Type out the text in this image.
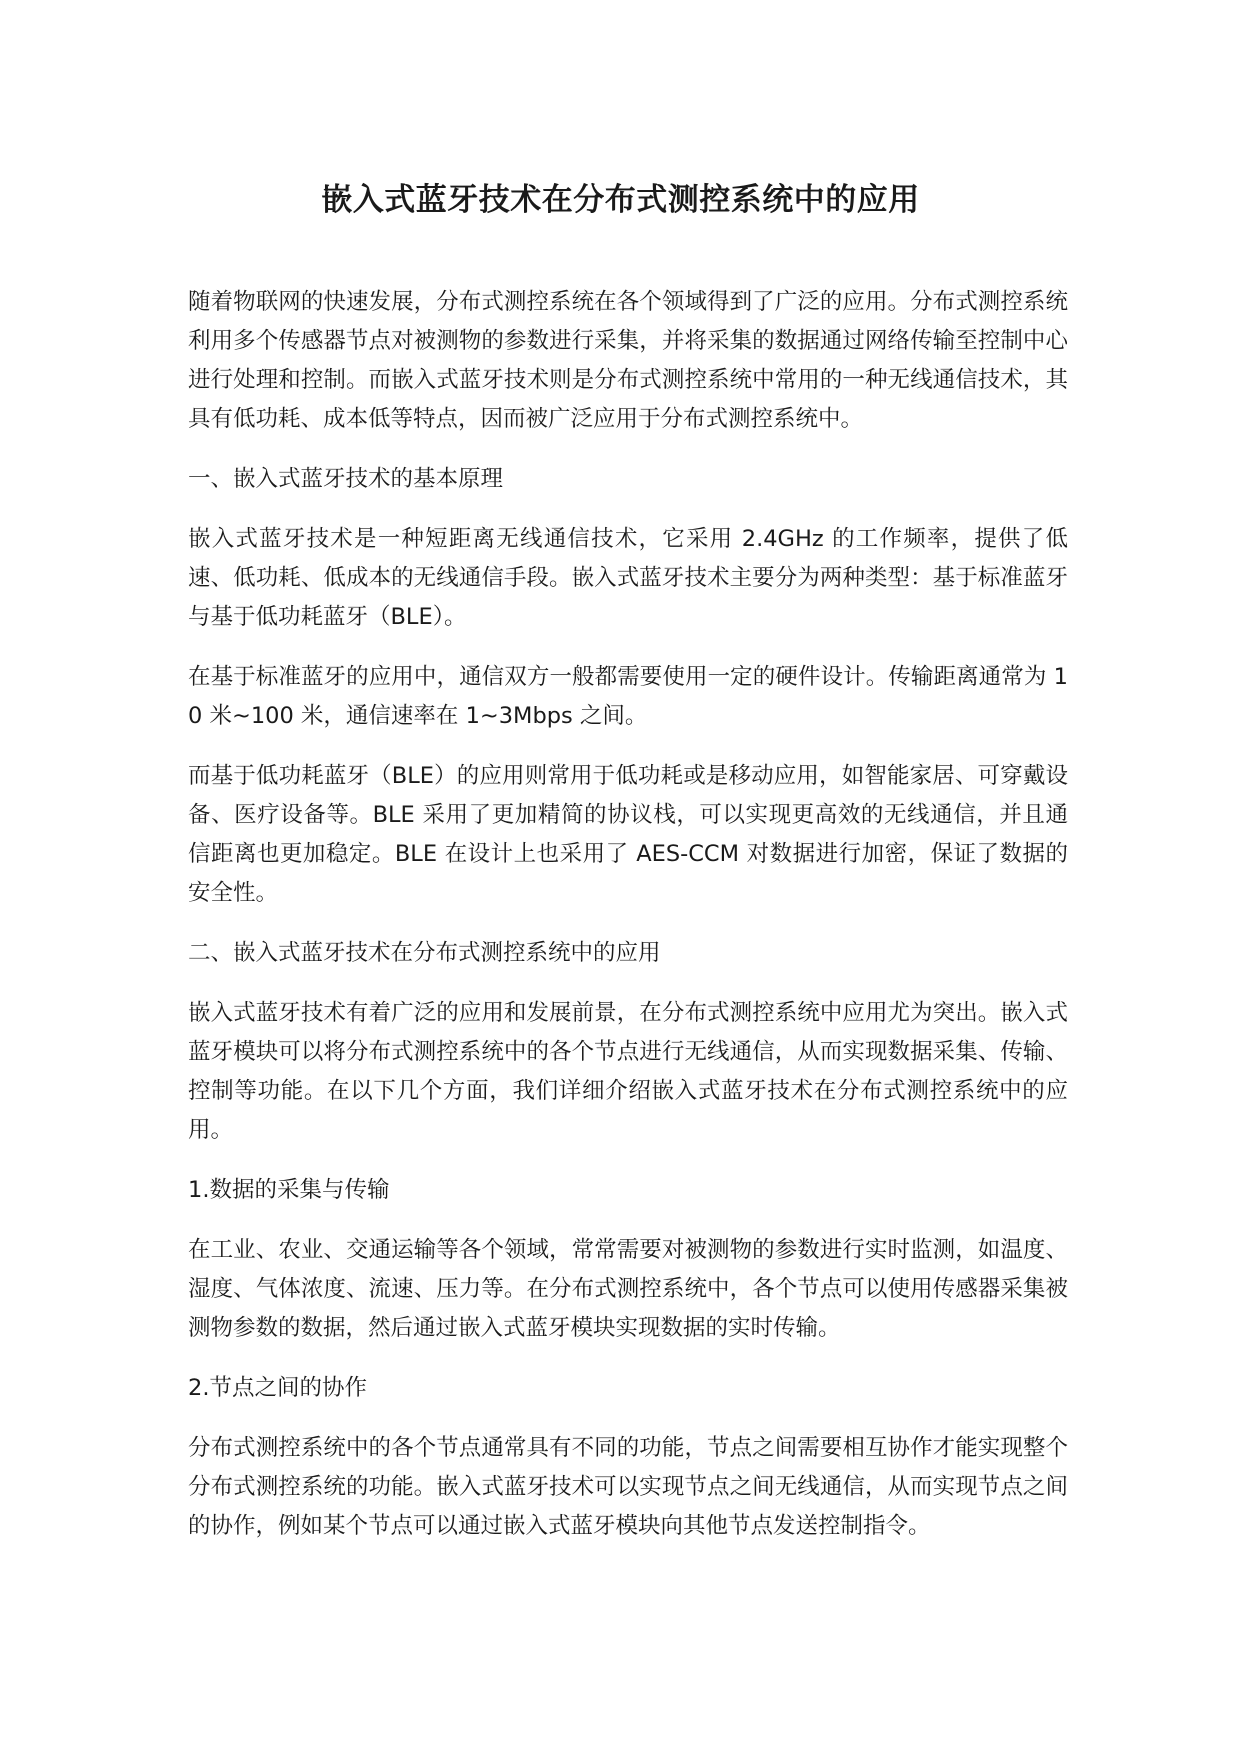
嵌入式蓝牙技术在分布式测控系统中的应用

随着物联网的快速发展，分布式测控系统在各个领域得到了广泛的应用。分布式测控系统利用多个传感器节点对被测物的参数进行采集，并将采集的数据通过网络传输至控制中心进行处理和控制。而嵌入式蓝牙技术则是分布式测控系统中常用的一种无线通信技术，其具有低功耗、成本低等特点，因而被广泛应用于分布式测控系统中。

一、嵌入式蓝牙技术的基本原理

嵌入式蓝牙技术是一种短距离无线通信技术，它采用 2.4GHz 的工作频率，提供了低速、低功耗、低成本的无线通信手段。嵌入式蓝牙技术主要分为两种类型：基于标准蓝牙与基于低功耗蓝牙（BLE）。

在基于标准蓝牙的应用中，通信双方一般都需要使用一定的硬件设计。传输距离通常为 10 米~100 米，通信速率在 1~3Mbps 之间。

而基于低功耗蓝牙（BLE）的应用则常用于低功耗或是移动应用，如智能家居、可穿戴设备、医疗设备等。BLE 采用了更加精简的协议栈，可以实现更高效的无线通信，并且通信距离也更加稳定。BLE 在设计上也采用了 AES-CCM 对数据进行加密，保证了数据的安全性。

二、嵌入式蓝牙技术在分布式测控系统中的应用

嵌入式蓝牙技术有着广泛的应用和发展前景，在分布式测控系统中应用尤为突出。嵌入式蓝牙模块可以将分布式测控系统中的各个节点进行无线通信，从而实现数据采集、传输、控制等功能。在以下几个方面，我们详细介绍嵌入式蓝牙技术在分布式测控系统中的应用。

1.数据的采集与传输

在工业、农业、交通运输等各个领域，常常需要对被测物的参数进行实时监测，如温度、湿度、气体浓度、流速、压力等。在分布式测控系统中，各个节点可以使用传感器采集被测物参数的数据，然后通过嵌入式蓝牙模块实现数据的实时传输。

2.节点之间的协作

分布式测控系统中的各个节点通常具有不同的功能，节点之间需要相互协作才能实现整个分布式测控系统的功能。嵌入式蓝牙技术可以实现节点之间无线通信，从而实现节点之间的协作，例如某个节点可以通过嵌入式蓝牙模块向其他节点发送控制指令。
